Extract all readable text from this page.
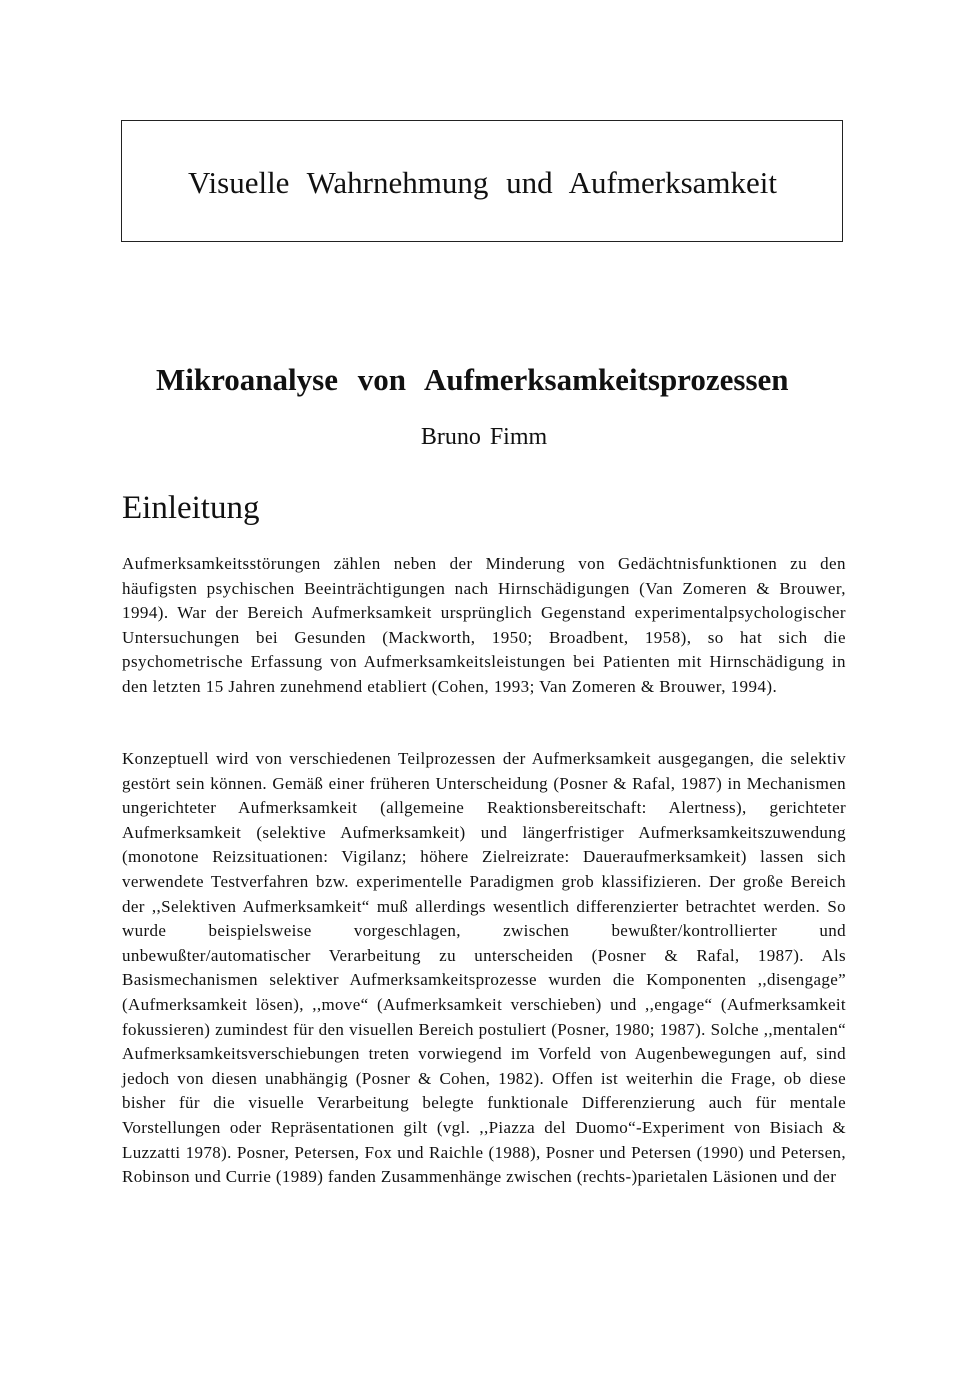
Visuelle Wahrnehmung und Aufmerksamkeit
Mikroanalyse von Aufmerksamkeitsprozessen

Bruno Fimm

Einleitung

Aufmerksamkeitsstörungen zählen neben der Minderung von Gedächtnisfunktionen zu den häufigsten psychischen Beeinträchtigungen nach Hirnschädigungen (Van Zomeren & Brouwer, 1994). War der Bereich Aufmerksamkeit ursprünglich Gegenstand experimentalpsychologischer Untersuchungen bei Gesunden (Mackworth, 1950; Broadbent, 1958), so hat sich die psychometrische Erfassung von Aufmerksamkeitsleistungen bei Patienten mit Hirnschädigung in den letzten 15 Jahren zunehmend etabliert (Cohen, 1993; Van Zomeren & Brouwer, 1994).

Konzeptuell wird von verschiedenen Teilprozessen der Aufmerksamkeit ausgegangen, die selektiv gestört sein können. Gemäß einer früheren Unterscheidung (Posner & Rafal, 1987) in Mechanismen ungerichteter Aufmerksamkeit (allgemeine Reaktionsbereitschaft: Alertness), gerichteter Aufmerksamkeit (selektive Aufmerksamkeit) und längerfristiger Aufmerksamkeitszuwendung (monotone Reizsituationen: Vigilanz; höhere Zielreizrate: Daueraufmerksamkeit) lassen sich verwendete Testverfahren bzw. experimentelle Paradigmen grob klassifizieren. Der große Bereich der ,,Selektiven Aufmerksamkeit“ muß allerdings wesentlich differenzierter betrachtet werden. So wurde beispielsweise vorgeschlagen, zwischen bewußter/kontrollierter und unbewußter/automatischer Verarbeitung zu unterscheiden (Posner & Rafal, 1987). Als Basismechanismen selektiver Aufmerksamkeitsprozesse wurden die Komponenten ,,disengage” (Aufmerksamkeit lösen), ,,move“ (Aufmerksamkeit verschieben) und ,,engage“ (Aufmerksamkeit fokussieren) zumindest für den visuellen Bereich postuliert (Posner, 1980; 1987). Solche ,,mentalen“ Aufmerksamkeitsverschiebungen treten vorwiegend im Vorfeld von Augenbewegungen auf, sind jedoch von diesen unabhängig (Posner & Cohen, 1982). Offen ist weiterhin die Frage, ob diese bisher für die visuelle Verarbeitung belegte funktionale Differenzierung auch für mentale Vorstellungen oder Repräsentationen gilt (vgl. ,,Piazza del Duomo“-Experiment von Bisiach & Luzzatti 1978). Posner, Petersen, Fox und Raichle (1988), Posner und Petersen (1990) und Petersen, Robinson und Currie (1989) fanden Zusammenhänge zwischen (rechts-)parietalen Läsionen und der
